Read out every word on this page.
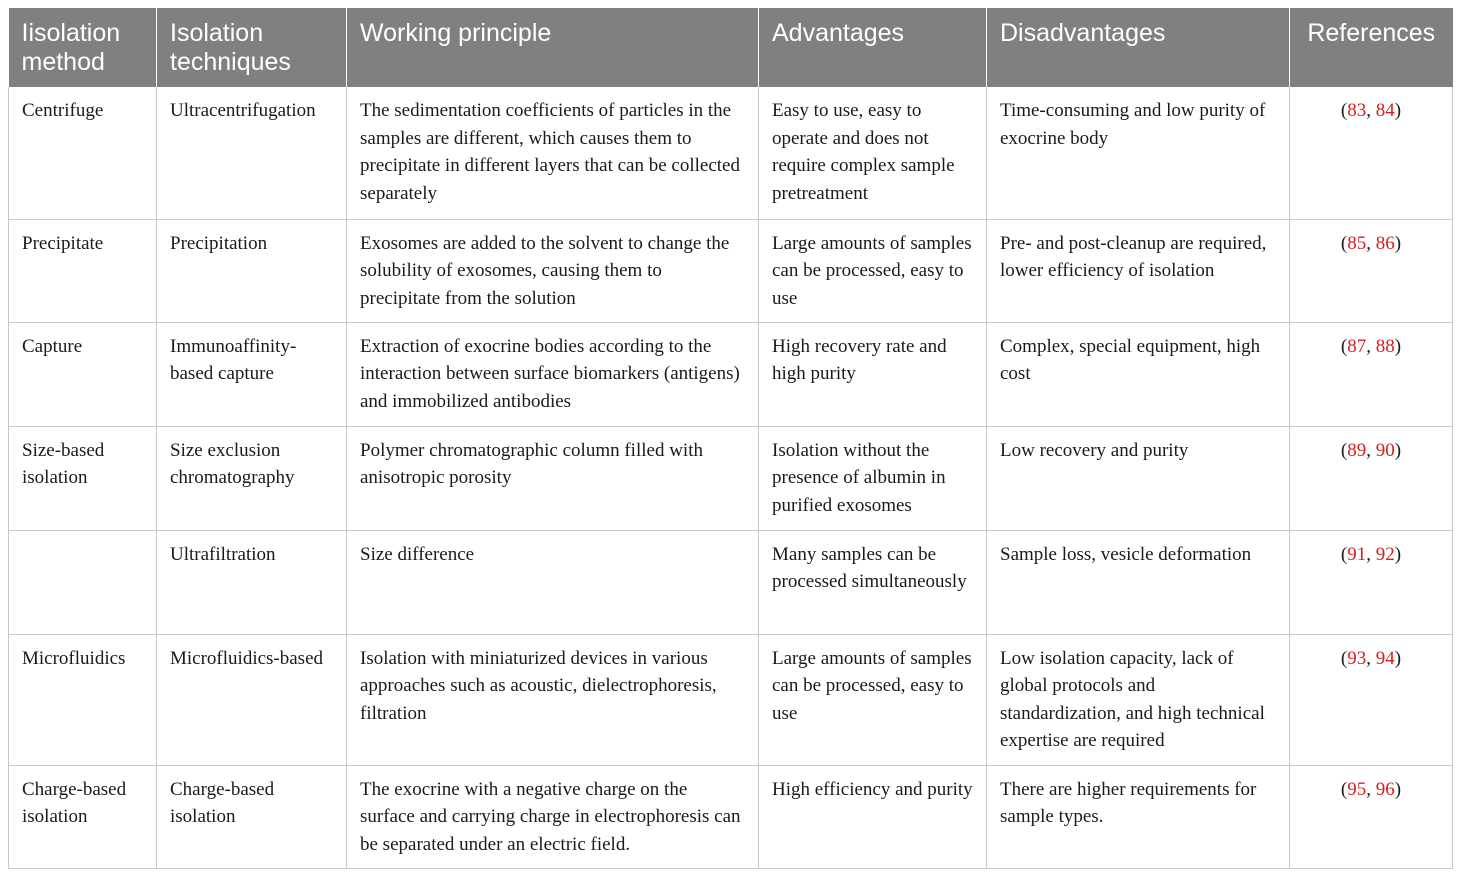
Iisolation method	Isolation techniques	Working principle	Advantages	Disadvantages	References
Centrifuge	Ultracentrifugation	The sedimentation coefficients of particles in the samples are different, which causes them to precipitate in different layers that can be collected separately	Easy to use, easy to operate and does not require complex sample pretreatment	Time-consuming and low purity of exocrine body	(83, 84)
Precipitate	Precipitation	Exosomes are added to the solvent to change the solubility of exosomes, causing them to precipitate from the solution	Large amounts of samples can be processed, easy to use	Pre- and post-cleanup are required, lower efficiency of isolation	(85, 86)
Capture	Immunoaffinity-based capture	Extraction of exocrine bodies according to the interaction between surface biomarkers (antigens) and immobilized antibodies	High recovery rate and high purity	Complex, special equipment, high cost	(87, 88)
Size-based isolation	Size exclusion chromatography	Polymer chromatographic column filled with anisotropic porosity	Isolation without the presence of albumin in purified exosomes	Low recovery and purity	(89, 90)
	Ultrafiltration	Size difference	Many samples can be processed simultaneously	Sample loss, vesicle deformation	(91, 92)
Microfluidics	Microfluidics-based	Isolation with miniaturized devices in various approaches such as acoustic, dielectrophoresis, filtration	Large amounts of samples can be processed, easy to use	Low isolation capacity, lack of global protocols and standardization, and high technical expertise are required	(93, 94)
Charge-based isolation	Charge-based isolation	The exocrine with a negative charge on the surface and carrying charge in electrophoresis can be separated under an electric field.	High efficiency and purity	There are higher requirements for sample types.	(95, 96)
